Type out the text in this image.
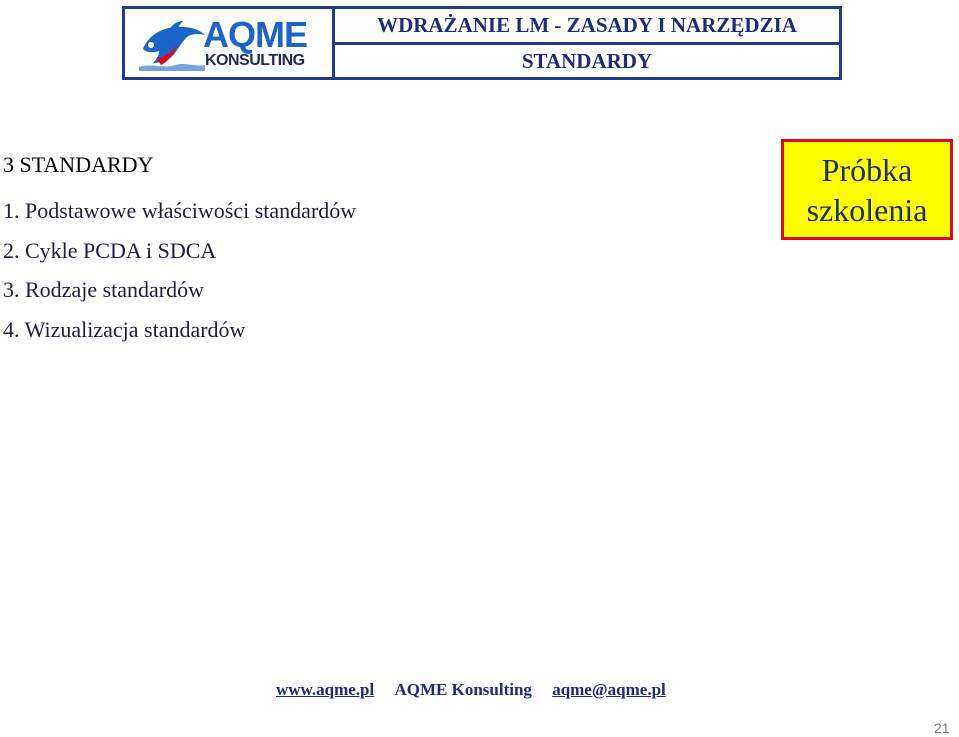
AQME
KONSULTING
WDRAŻANIE LM - ZASADY I NARZĘDZIA
STANDARDY
3 STANDARDY
1. Podstawowe właściwości standardów
2. Cykle PCDA i SDCA
3. Rodzaje standardów
4. Wizualizacja standardów
Próbka
szkolenia
www.aqme.pl AQME Konsulting aqme@aqme.pl
21
